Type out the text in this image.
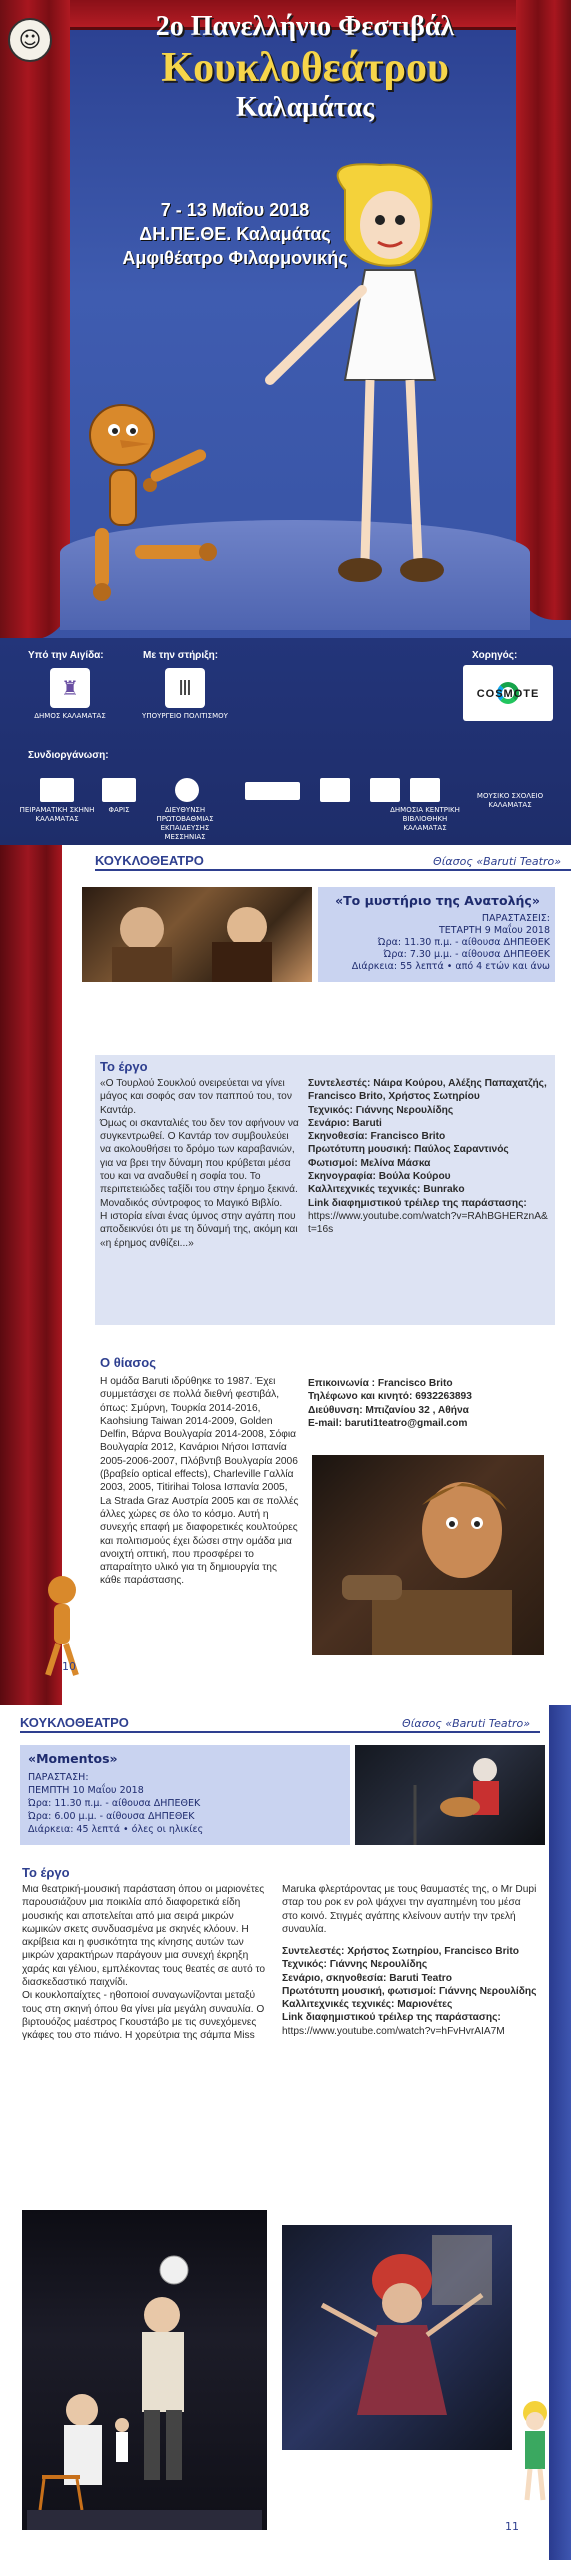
☺	2ο Πανελλήνιο Φεστιβάλ
Κουκλοθεάτρου
Καλαμάτας
7 - 13 Μαΐου 2018
ΔΗ.ΠΕ.ΘΕ. Καλαμάτας
Αμφιθέατρο Φιλαρμονικής
Υπό την Αιγίδα:	Με την στήριξη:	Χορηγός:
♜
ΔΗΜΟΣ ΚΑΛΑΜΑΤΑΣ
Ⅲ
ΥΠΟΥΡΓΕΙΟ ΠΟΛΙΤΙΣΜΟΥ
COSMOTE
Συνδιοργάνωση:
ΠΕΙΡΑΜΑΤΙΚΗ ΣΚΗΝΗ ΚΑΛΑΜΑΤΑΣ
ΦΑΡΙΣ	ΔΙΕΥΘΥΝΣΗ ΠΡΩΤΟΒΑΘΜΙΑΣ ΕΚΠΑΙΔΕΥΣΗΣ ΜΕΣΣΗΝΙΑΣ
ΔΗΜΟΣΙΑ ΚΕΝΤΡΙΚΗ ΒΙΒΛΙΟΘΗΚΗ ΚΑΛΑΜΑΤΑΣ
ΜΟΥΣΙΚΟ ΣΧΟΛΕΙΟ ΚΑΛΑΜΑΤΑΣ
ΚΟΥΚΛΟΘΕΑΤΡΟ	Θίασος «Baruti Teatro»
«Το μυστήριο της Ανατολής»
ΠΑΡΑΣΤΑΣΕΙΣ:
ΤΕΤΑΡΤΗ 9 Μαΐου 2018
Ώρα: 11.30 π.μ. - αίθουσα ΔΗΠΕΘΕΚ
Ώρα: 7.30 μ.μ. - αίθουσα ΔΗΠΕΘΕΚ
Διάρκεια: 55 λεπτά • από 4 ετών και άνω
Το έργο
«Ο Τουρλού Σουκλού ονειρεύεται να γίνει μάγος και σοφός σαν τον παππού του, τον Καντάρ.
Όμως οι σκανταλιές του δεν τον αφήνουν να συγκεντρωθεί. Ο Καντάρ τον συμβουλεύει να ακολουθήσει το δρόμο των καραβανιών, για να βρει την δύναμη που κρύβεται μέσα του και να αναδυθεί η σοφία του. Το περιπετειώδες ταξίδι του στην έρημο ξεκινά. Μοναδικός σύντροφος το Μαγικό Βιβλίο.
Η ιστορία είναι ένας ύμνος στην αγάπη που αποδεικνύει ότι με τη δύναμή της, ακόμη και «η έρημος ανθίζει...»
Συντελεστές: Νάιρα Κούρου, Αλέξης Παπαχατζής, Francisco Brito, Χρήστος Σωτηρίου
Τεχνικός: Γιάννης Νερουλίδης
Σενάριο: Baruti
Σκηνοθεσία: Francisco Brito
Πρωτότυπη μουσική: Παύλος Σαραντινός
Φωτισμοί: Μελίνα Μάσκα
Σκηνογραφία: Βούλα Κούρου
Καλλιτεχνικές τεχνικές: Bunrako
Link διαφημιστικού τρέιλερ της παράστασης:
https://www.youtube.com/watch?v=RAhBGHERznA&t=16s
Ο θίασος
Η ομάδα Baruti ιδρύθηκε το 1987. Έχει συμμετάσχει σε πολλά διεθνή φεστιβάλ, όπως: Σμύρνη, Τουρκία 2014-2016, Kaohsiung Taiwan 2014-2009, Golden Delfin, Βάρνα Βουλγαρία 2014-2008, Σόφια Βουλγαρία 2012, Κανάριοι Νήσοι Ισπανία 2005-2006-2007, Πλόβντιβ Βουλγαρία 2006 (βραβείο optical effects), Charleville Γαλλία 2003, 2005, Titirihai Tolosa Ισπανία 2005, La Strada Graz Αυστρία 2005 και σε πολλές άλλες χώρες σε όλο το κόσμο. Αυτή η συνεχής επαφή με διαφορετικές κουλτούρες και πολιτισμούς έχει δώσει στην ομάδα μια ανοιχτή οπτική, που προσφέρει το απαραίτητο υλικό για τη δημιουργία της κάθε παράστασης.
Επικοινωνία : Francisco Brito
Τηλέφωνο και κινητό: 6932263893
Διεύθυνση: Μπιζανίου 32 , Αθήνα
E-mail: baruti1teatro@gmail.com
10
ΚΟΥΚΛΟΘΕΑΤΡΟ	Θίασος «Baruti Teatro»
«Momentos»
ΠΑΡΑΣΤΑΣΗ:
ΠΕΜΠΤΗ 10 Μαΐου 2018
Ώρα: 11.30 π.μ. - αίθουσα ΔΗΠΕΘΕΚ
Ώρα: 6.00 μ.μ. - αίθουσα ΔΗΠΕΘΕΚ
Διάρκεια: 45 λεπτά • όλες οι ηλικίες
Το έργο
Μια θεατρική-μουσική παράσταση όπου οι μαριονέτες παρουσιάζουν μια ποικιλία από διαφορετικά είδη μουσικής και αποτελείται από μια σειρά μικρών κωμικών σκετς συνδυασμένα με σκηνές κλόουν. Η ακρίβεια και η φυσικότητα της κίνησης αυτών των μικρών χαρακτήρων παράγουν μια συνεχή έκρηξη χαράς και γέλιου, εμπλέκοντας τους θεατές σε αυτό το διασκεδαστικό παιχνίδι.
Οι κουκλοπαίχτες - ηθοποιοί συναγωνίζονται μεταξύ τους στη σκηνή όπου θα γίνει μία μεγάλη συναυλία. Ο βιρτουόζος μαέστρος Γκουστάβο με τις συνεχόμενες γκάφες του στο πιάνο. Η χορεύτρια της σάμπα Miss
Maruka φλερτάροντας με τους θαυμαστές της, ο Mr Dupi σταρ του ροκ εν ρολ ψάχνει την αγαπημένη του μέσα στο κοινό. Στιγμές αγάπης κλείνουν αυτήν την τρελή συναυλία.
Συντελεστές: Χρήστος Σωτηρίου, Francisco Brito
Τεχνικός: Γιάννης Νερουλίδης
Σενάριο, σκηνοθεσία: Baruti Teatro
Πρωτότυπη μουσική, φωτισμοί: Γιάννης Νερουλίδης
Καλλιτεχνικές τεχνικές: Μαριονέτες
Link διαφημιστικού τρέιλερ της παράστασης:
https://www.youtube.com/watch?v=hFvHvrAIA7M
11
